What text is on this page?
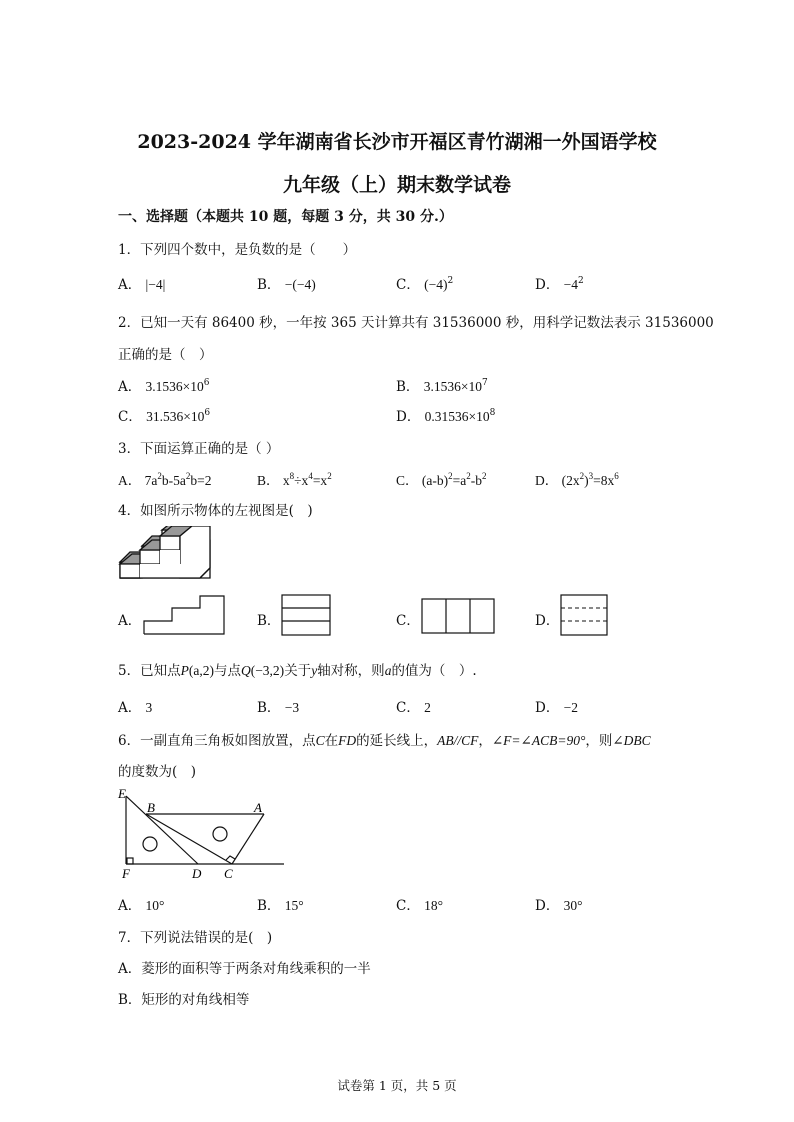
2023-2024 学年湖南省长沙市开福区青竹湖湘一外国语学校
九年级（上）期末数学试卷
一、选择题（本题共 10 题，每题 3 分，共 30 分.）
1．下列四个数中，是负数的是（　　）
A． |−4|	B． −(−4)	C． $(-4)^2$	D． $-4^2$
2．已知一天有 86400 秒，一年按 365 天计算共有 31536000 秒，用科学记数法表示 31536000
正确的是（　）
A． $3.1536\times 10^6$	B． $3.1536\times 10^7$
C． $31.536\times 10^6$	D． $0.31536\times 10^8$
3．下面运算正确的是（ ）
A． $7a^2b-5a^2b=2$	B． $x^8\div x^4=x^2$	C． $(a-b)^2=a^2-b^2$	D． $(2x^2)^3=8x^6$
4．如图所示物体的左视图是(　)
A．	B．	C．	D．
5．已知点P(a,2)与点Q(−3,2)关于y轴对称，则a的值为（　）.
A． 3	B． −3	C． 2	D． −2
6．一副直角三角板如图放置，点C在FD的延长线上，AB//CF，∠F=∠ACB=90°，则∠DBC
的度数为(　)
E
B	A
F	D C
A． 10°	B． 15°	C． 18°	D． 30°
7．下列说法错误的是(　)
A．菱形的面积等于两条对角线乘积的一半
B．矩形的对角线相等
试卷第 1 页，共 5 页
